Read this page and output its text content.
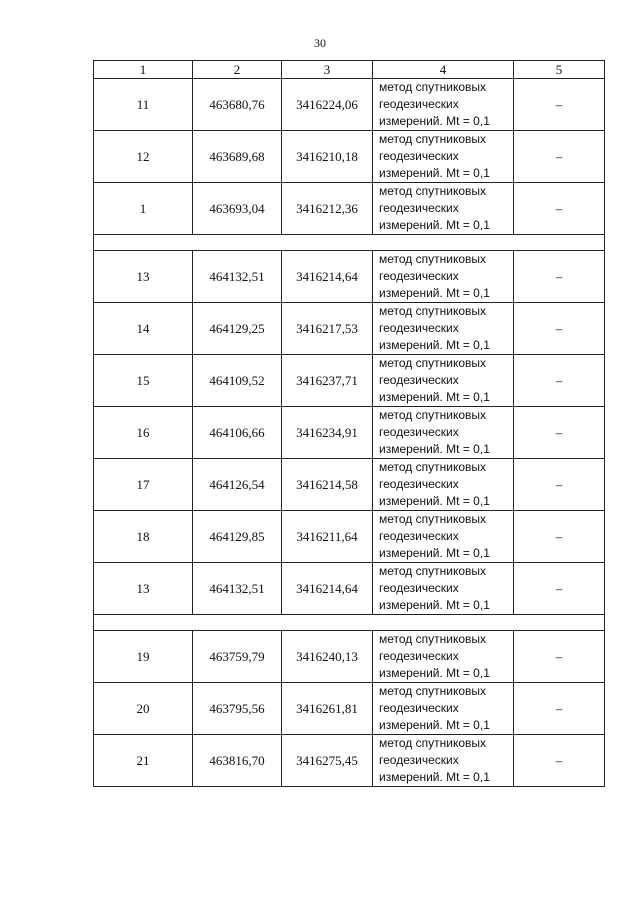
30
1	2	3	4	5
11	463680,76	3416224,06	метод спутниковых
геодезических
измерений. Mt = 0,1	–
12	463689,68	3416210,18	метод спутниковых
геодезических
измерений. Mt = 0,1	–
1	463693,04	3416212,36	метод спутниковых
геодезических
измерений. Mt = 0,1	–

13	464132,51	3416214,64	метод спутниковых
геодезических
измерений. Mt = 0,1	–
14	464129,25	3416217,53	метод спутниковых
геодезических
измерений. Mt = 0,1	–
15	464109,52	3416237,71	метод спутниковых
геодезических
измерений. Mt = 0,1	–
16	464106,66	3416234,91	метод спутниковых
геодезических
измерений. Mt = 0,1	–
17	464126,54	3416214,58	метод спутниковых
геодезических
измерений. Mt = 0,1	–
18	464129,85	3416211,64	метод спутниковых
геодезических
измерений. Mt = 0,1	–
13	464132,51	3416214,64	метод спутниковых
геодезических
измерений. Mt = 0,1	–

19	463759,79	3416240,13	метод спутниковых
геодезических
измерений. Mt = 0,1	–
20	463795,56	3416261,81	метод спутниковых
геодезических
измерений. Mt = 0,1	–
21	463816,70	3416275,45	метод спутниковых
геодезических
измерений. Mt = 0,1	–
